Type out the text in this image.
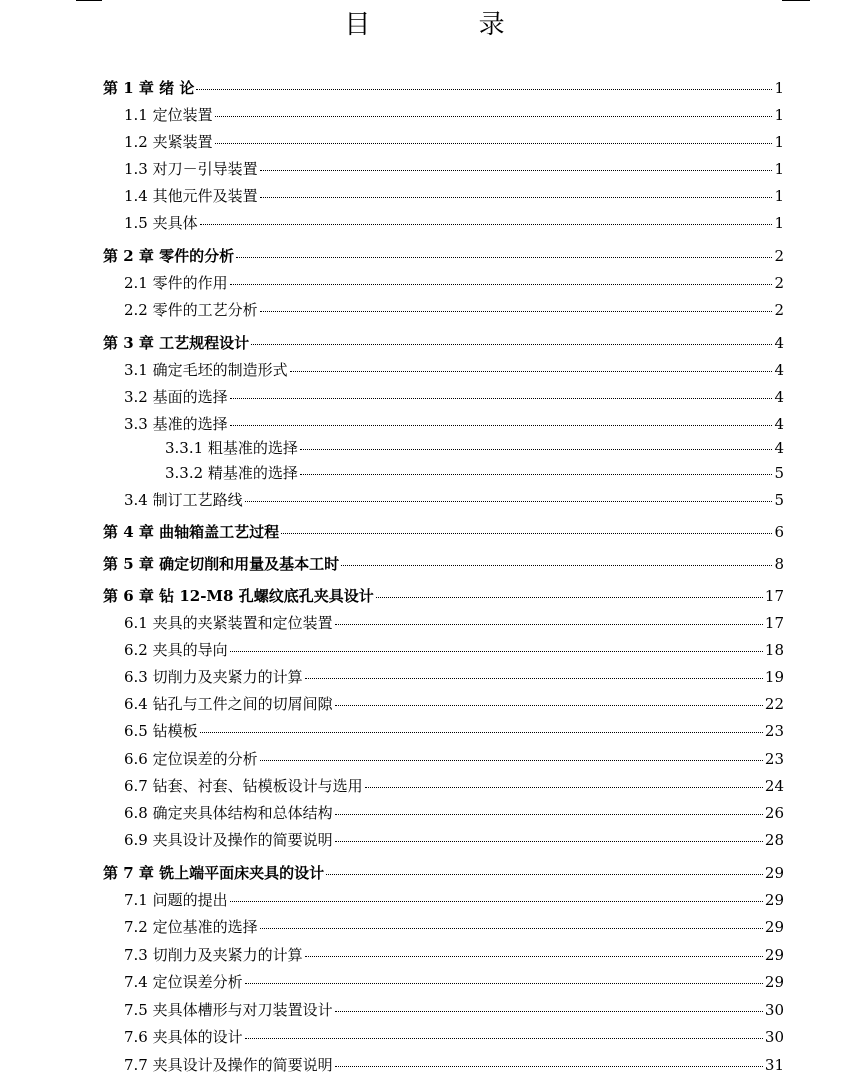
目 录
第 1 章 绪 论	1
1.1 定位装置	1
1.2 夹紧装置	1
1.3 对刀－引导装置	1
1.4 其他元件及装置	1
1.5 夹具体	1
第 2 章 零件的分析	2
2.1 零件的作用	2
2.2 零件的工艺分析	2
第 3 章 工艺规程设计	4
3.1 确定毛坯的制造形式	4
3.2 基面的选择	4
3.3 基准的选择	4
3.3.1 粗基准的选择	4
3.3.2 精基准的选择	5
3.4 制订工艺路线	5
第 4 章 曲轴箱盖工艺过程	6
第 5 章 确定切削和用量及基本工时	8
第 6 章 钻 12-M8 孔螺纹底孔夹具设计	17
6.1 夹具的夹紧装置和定位装置	17
6.2 夹具的导向	18
6.3 切削力及夹紧力的计算	19
6.4 钻孔与工件之间的切屑间隙	22
6.5 钻模板	23
6.6 定位误差的分析	23
6.7 钻套、衬套、钻模板设计与选用	24
6.8 确定夹具体结构和总体结构	26
6.9 夹具设计及操作的简要说明	28
第 7 章 铣上端平面床夹具的设计	29
7.1 问题的提出	29
7.2 定位基准的选择	29
7.3 切削力及夹紧力的计算	29
7.4 定位误差分析	29
7.5 夹具体槽形与对刀装置设计	30
7.6 夹具体的设计	30
7.7 夹具设计及操作的简要说明	31
